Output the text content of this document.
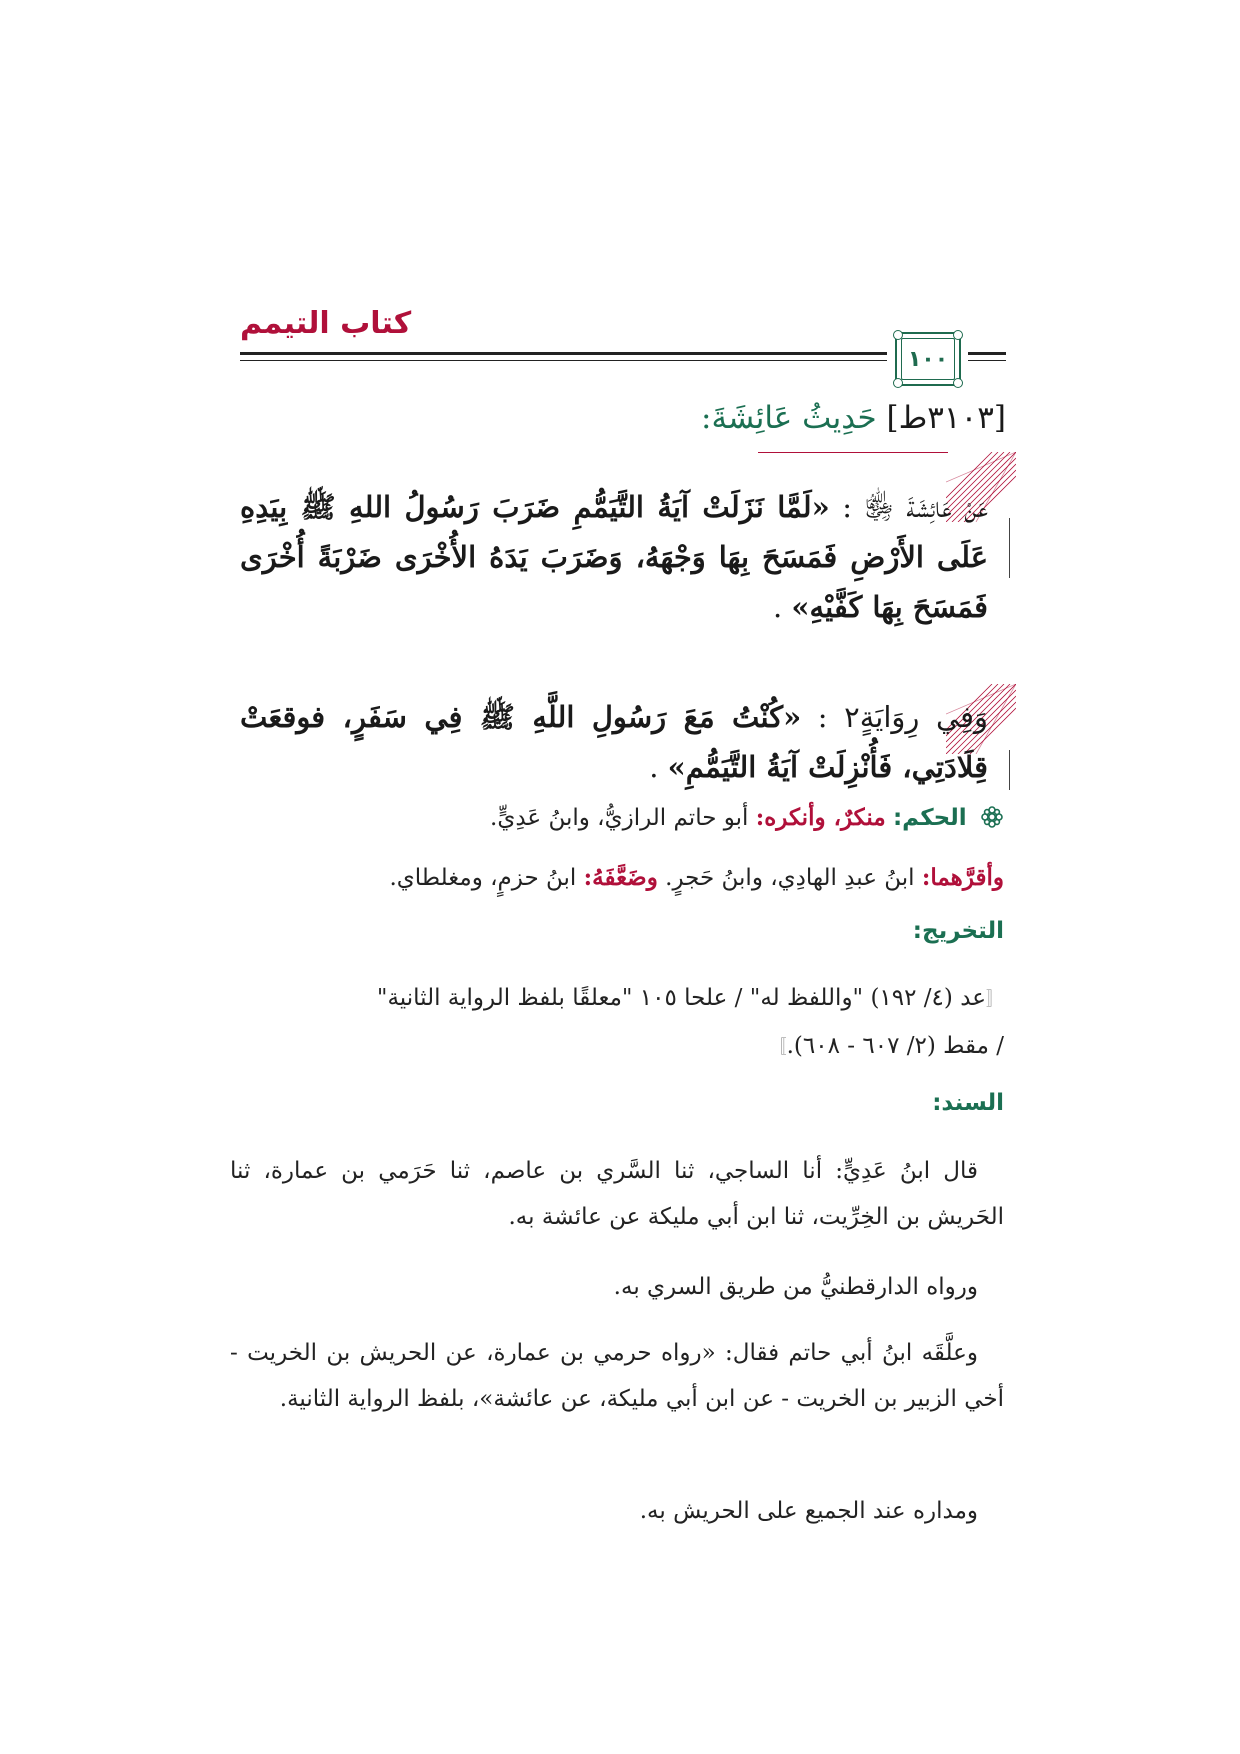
كتاب التيمم
١٠٠
[٣١٠٣ط] حَدِيثُ عَائِشَةَ:
عَنْ عَائِشَةَ ﵂ : «لَمَّا نَزَلَتْ آيَةُ التَّيَمُّمِ ضَرَبَ رَسُولُ اللهِ ﷺ بِيَدِهِ عَلَى الأَرْضِ فَمَسَحَ بِهَا وَجْهَهُ، وَضَرَبَ يَدَهُ الأُخْرَى ضَرْبَةً أُخْرَى فَمَسَحَ بِهَا كَفَّيْهِ» .
وَفِي رِوَايَةٍ٢ : «كُنْتُ مَعَ رَسُولِ اللَّهِ ﷺ فِي سَفَرٍ، فوقعَتْ قِلَادَتِي، فَأُنْزِلَتْ آيَةُ التَّيَمُّمِ» .
الحكم: منكرٌ، وأنكره: أبو حاتم الرازيُّ، وابنُ عَدِيٍّ.
وأقرَّهما: ابنُ عبدِ الهادِي، وابنُ حَجرٍ. وضَعَّفَهُ: ابنُ حزمٍ، ومغلطاي.
التخريج:
〚عد (٤/ ١٩٢) "واللفظ له" / علحا ١٠٥ "معلقًا بلفظ الرواية الثانية"
/ مقط (٢/ ٦٠٧ - ٦٠٨).〛
السند:
قال ابنُ عَدِيٍّ: أنا الساجي، ثنا السَّري بن عاصم، ثنا حَرَمي بن عمارة، ثنا الحَريش بن الخِرِّيت، ثنا ابن أبي مليكة عن عائشة به.
ورواه الدارقطنيُّ من طريق السري به.
وعلَّقَه ابنُ أبي حاتم فقال: «رواه حرمي بن عمارة، عن الحريش بن الخريت - أخي الزبير بن الخريت - عن ابن أبي مليكة، عن عائشة»، بلفظ الرواية الثانية.
ومداره عند الجميع على الحريش به.
